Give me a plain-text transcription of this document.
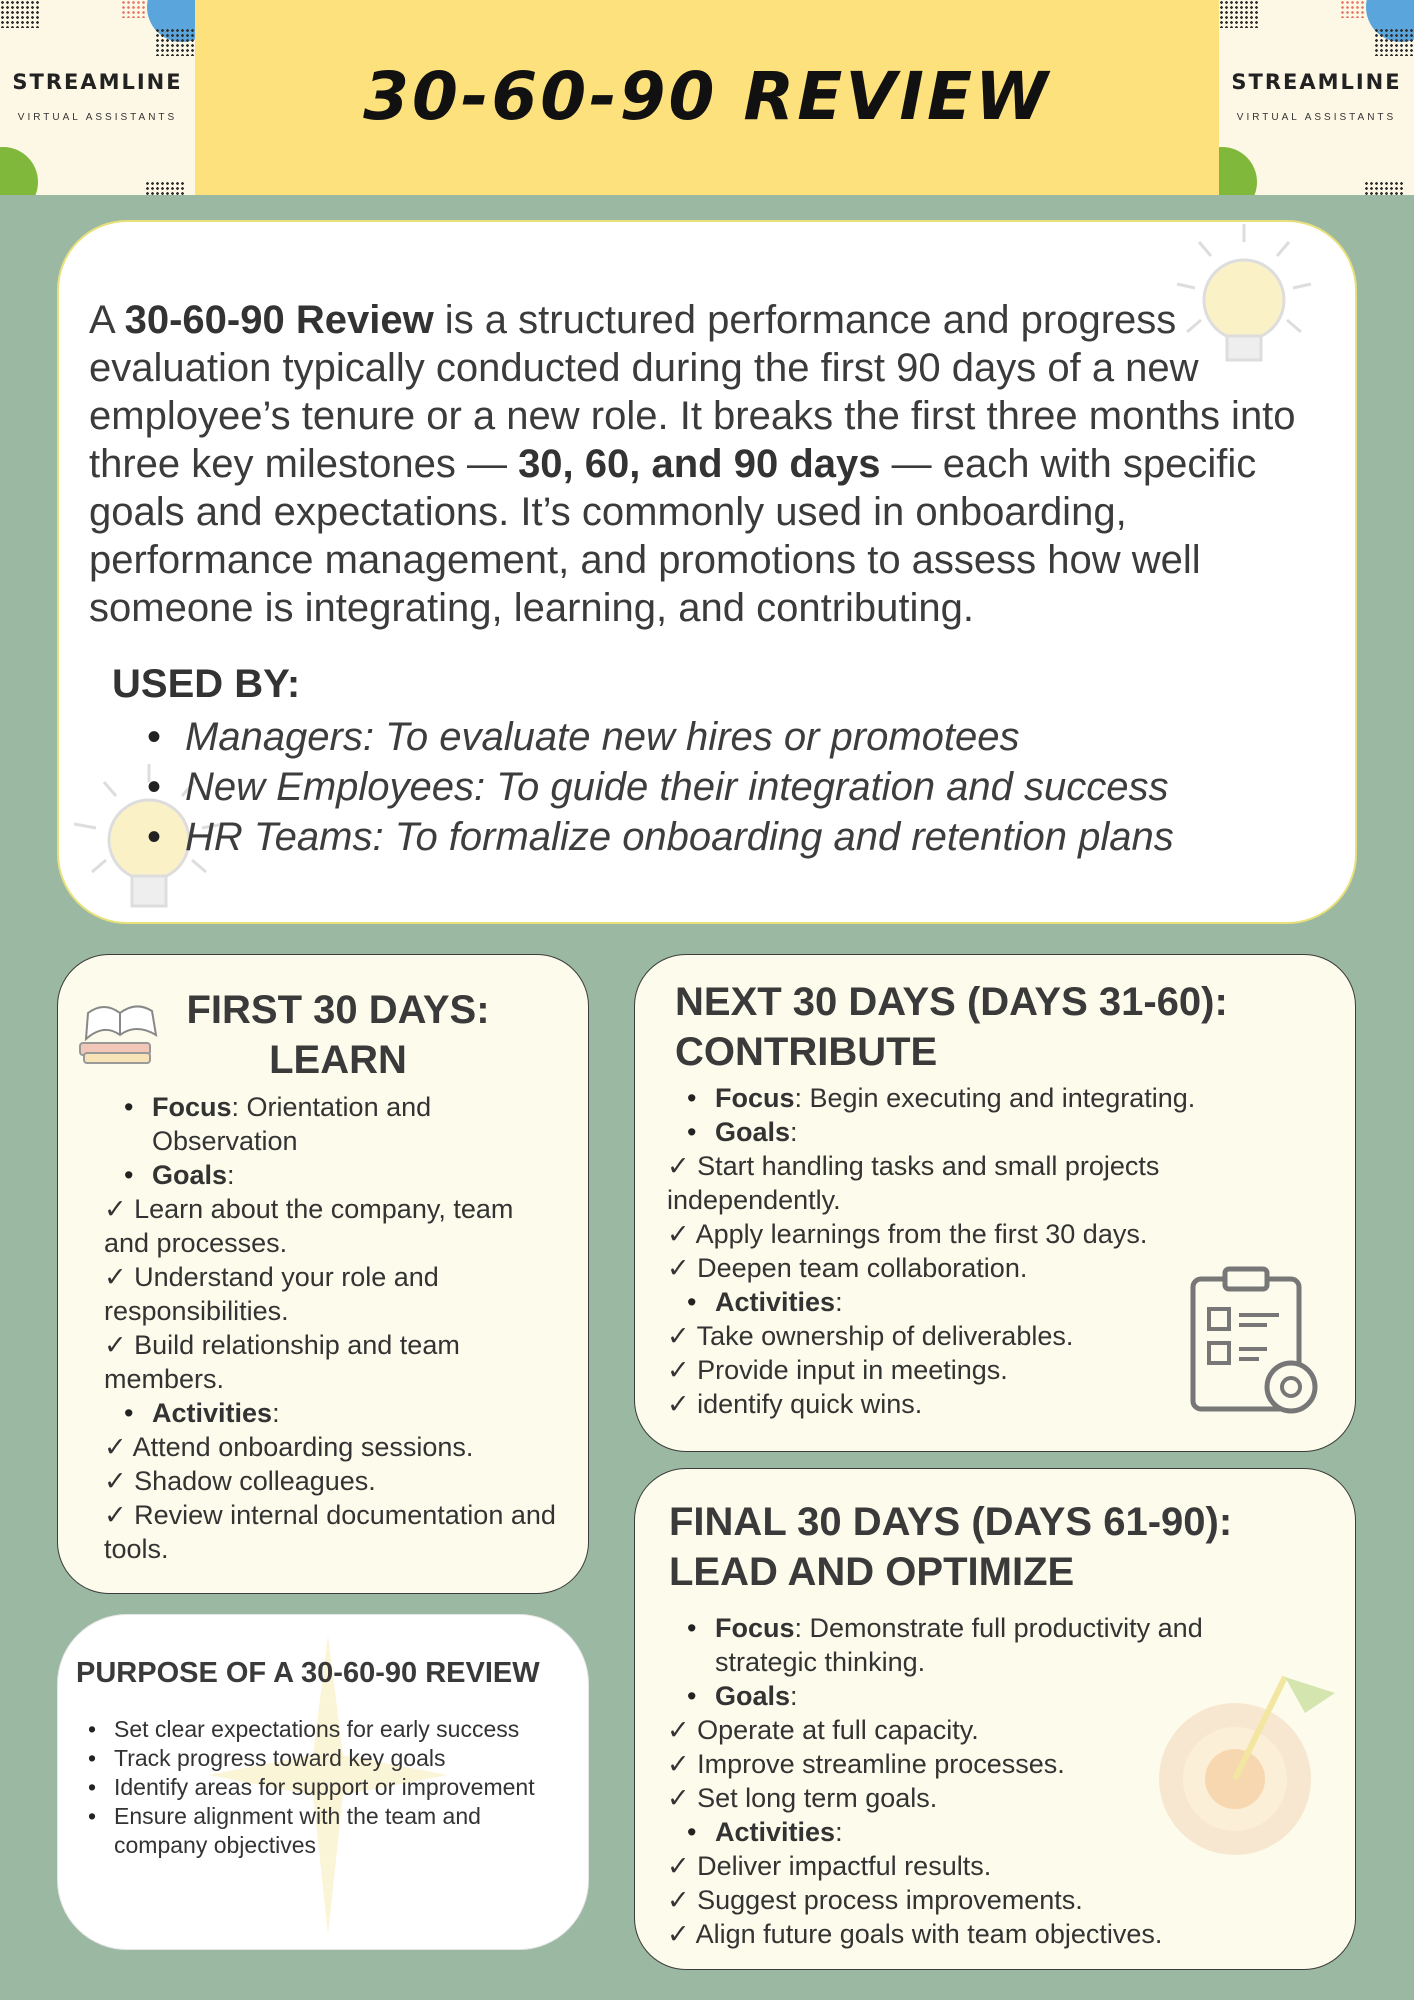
STREAMLINE
VIRTUAL ASSISTANTS	30-60-90 REVIEW	STREAMLINE
VIRTUAL ASSISTANTS
A 30-60-90 Review is a structured performance and progress evaluation typically conducted during the first 90 days of a new employee’s tenure or a new role. It breaks the first three months into three key milestones — 30, 60, and 90 days — each with specific goals and expectations. It’s commonly used in onboarding, performance management, and promotions to assess how well someone is integrating, learning, and contributing.
USED BY:
• Managers: To evaluate new hires or promotees
• New Employees: To guide their integration and success
• HR Teams: To formalize onboarding and retention plans
FIRST 30 DAYS:
LEARN
• Focus: Orientation and Observation
• Goals:
✓ Learn about the company, team and processes.
✓ Understand your role and responsibilities.
✓ Build relationship and team members.
• Activities:
✓ Attend onboarding sessions.
✓ Shadow colleagues.
✓ Review internal documentation and tools.
NEXT 30 DAYS (DAYS 31-60):
CONTRIBUTE
• Focus: Begin executing and integrating.
• Goals:
✓ Start handling tasks and small projects independently.
✓ Apply learnings from the first 30 days.
✓ Deepen team collaboration.
• Activities:
✓ Take ownership of deliverables.
✓ Provide input in meetings.
✓ identify quick wins.
FINAL 30 DAYS (DAYS 61-90):
LEAD AND OPTIMIZE
• Focus: Demonstrate full productivity and strategic thinking.
• Goals:
✓ Operate at full capacity.
✓ Improve streamline processes.
✓ Set long term goals.
• Activities:
✓ Deliver impactful results.
✓ Suggest process improvements.
✓ Align future goals with team objectives.
PURPOSE OF A 30-60-90 REVIEW
• Set clear expectations for early success
• Track progress toward key goals
• Identify areas for support or improvement
• Ensure alignment with the team and company objectives
